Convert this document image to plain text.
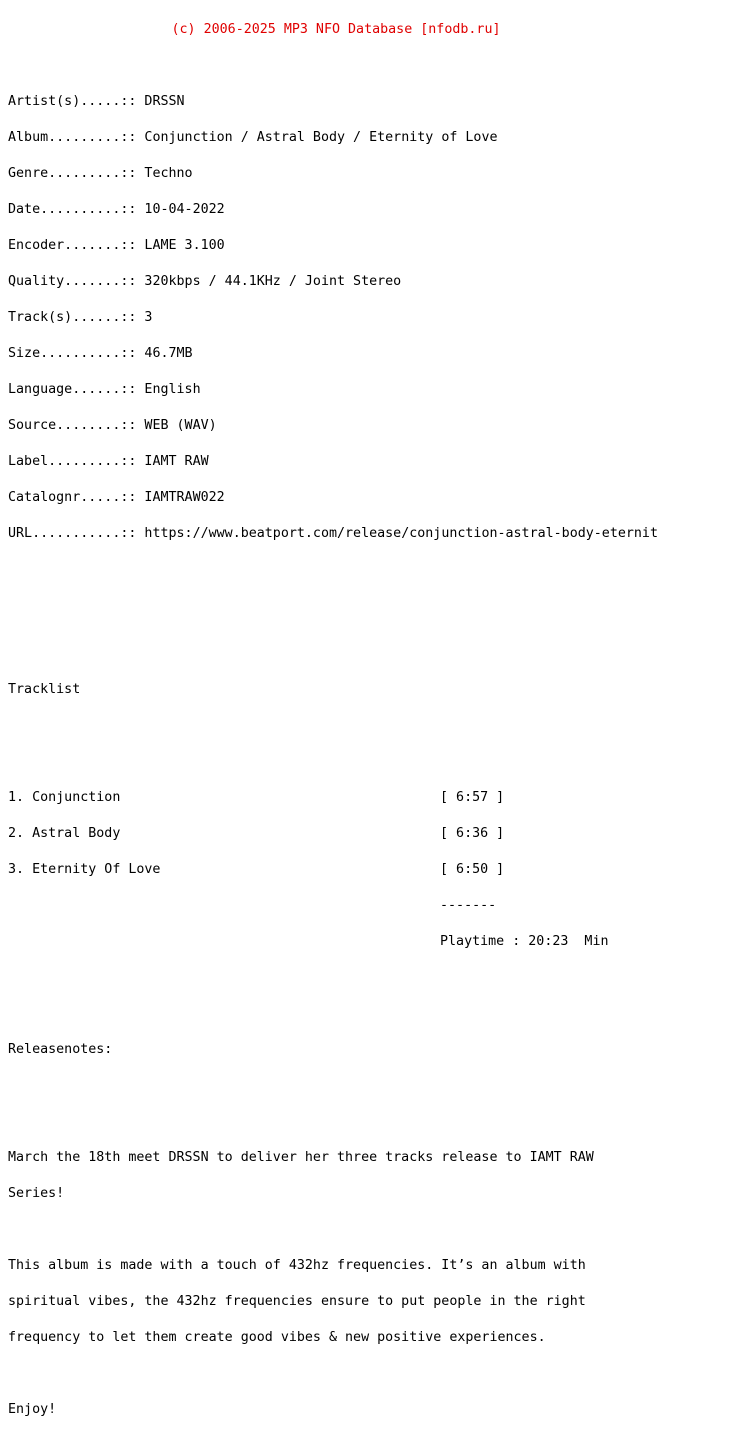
(c) 2006-2025 MP3 NFO Database [nfodb.ru]

Artist(s).....:: DRSSN

Album.........:: Conjunction / Astral Body / Eternity of Love

Genre.........:: Techno

Date..........:: 10-04-2022

Encoder.......:: LAME 3.100

Quality.......:: 320kbps / 44.1KHz / Joint Stereo

Track(s)......:: 3

Size..........:: 46.7MB

Language......:: English

Source........:: WEB (WAV)

Label.........:: IAMT RAW

Catalognr.....:: IAMTRAW022

URL...........:: https://www.beatport.com/release/conjunction-astral-body-eternit

Tracklist

1. Conjunction	[ 6:57 ]

2. Astral Body	[ 6:36 ]

3. Eternity Of Love	[ 6:50 ]

-------

Playtime : 20:23  Min

Releasenotes:

March the 18th meet DRSSN to deliver her three tracks release to IAMT RAW

Series!

This album is made with a touch of 432hz frequencies. It’s an album with

spiritual vibes, the 432hz frequencies ensure to put people in the right

frequency to let them create good vibes & new positive experiences.

Enjoy!
